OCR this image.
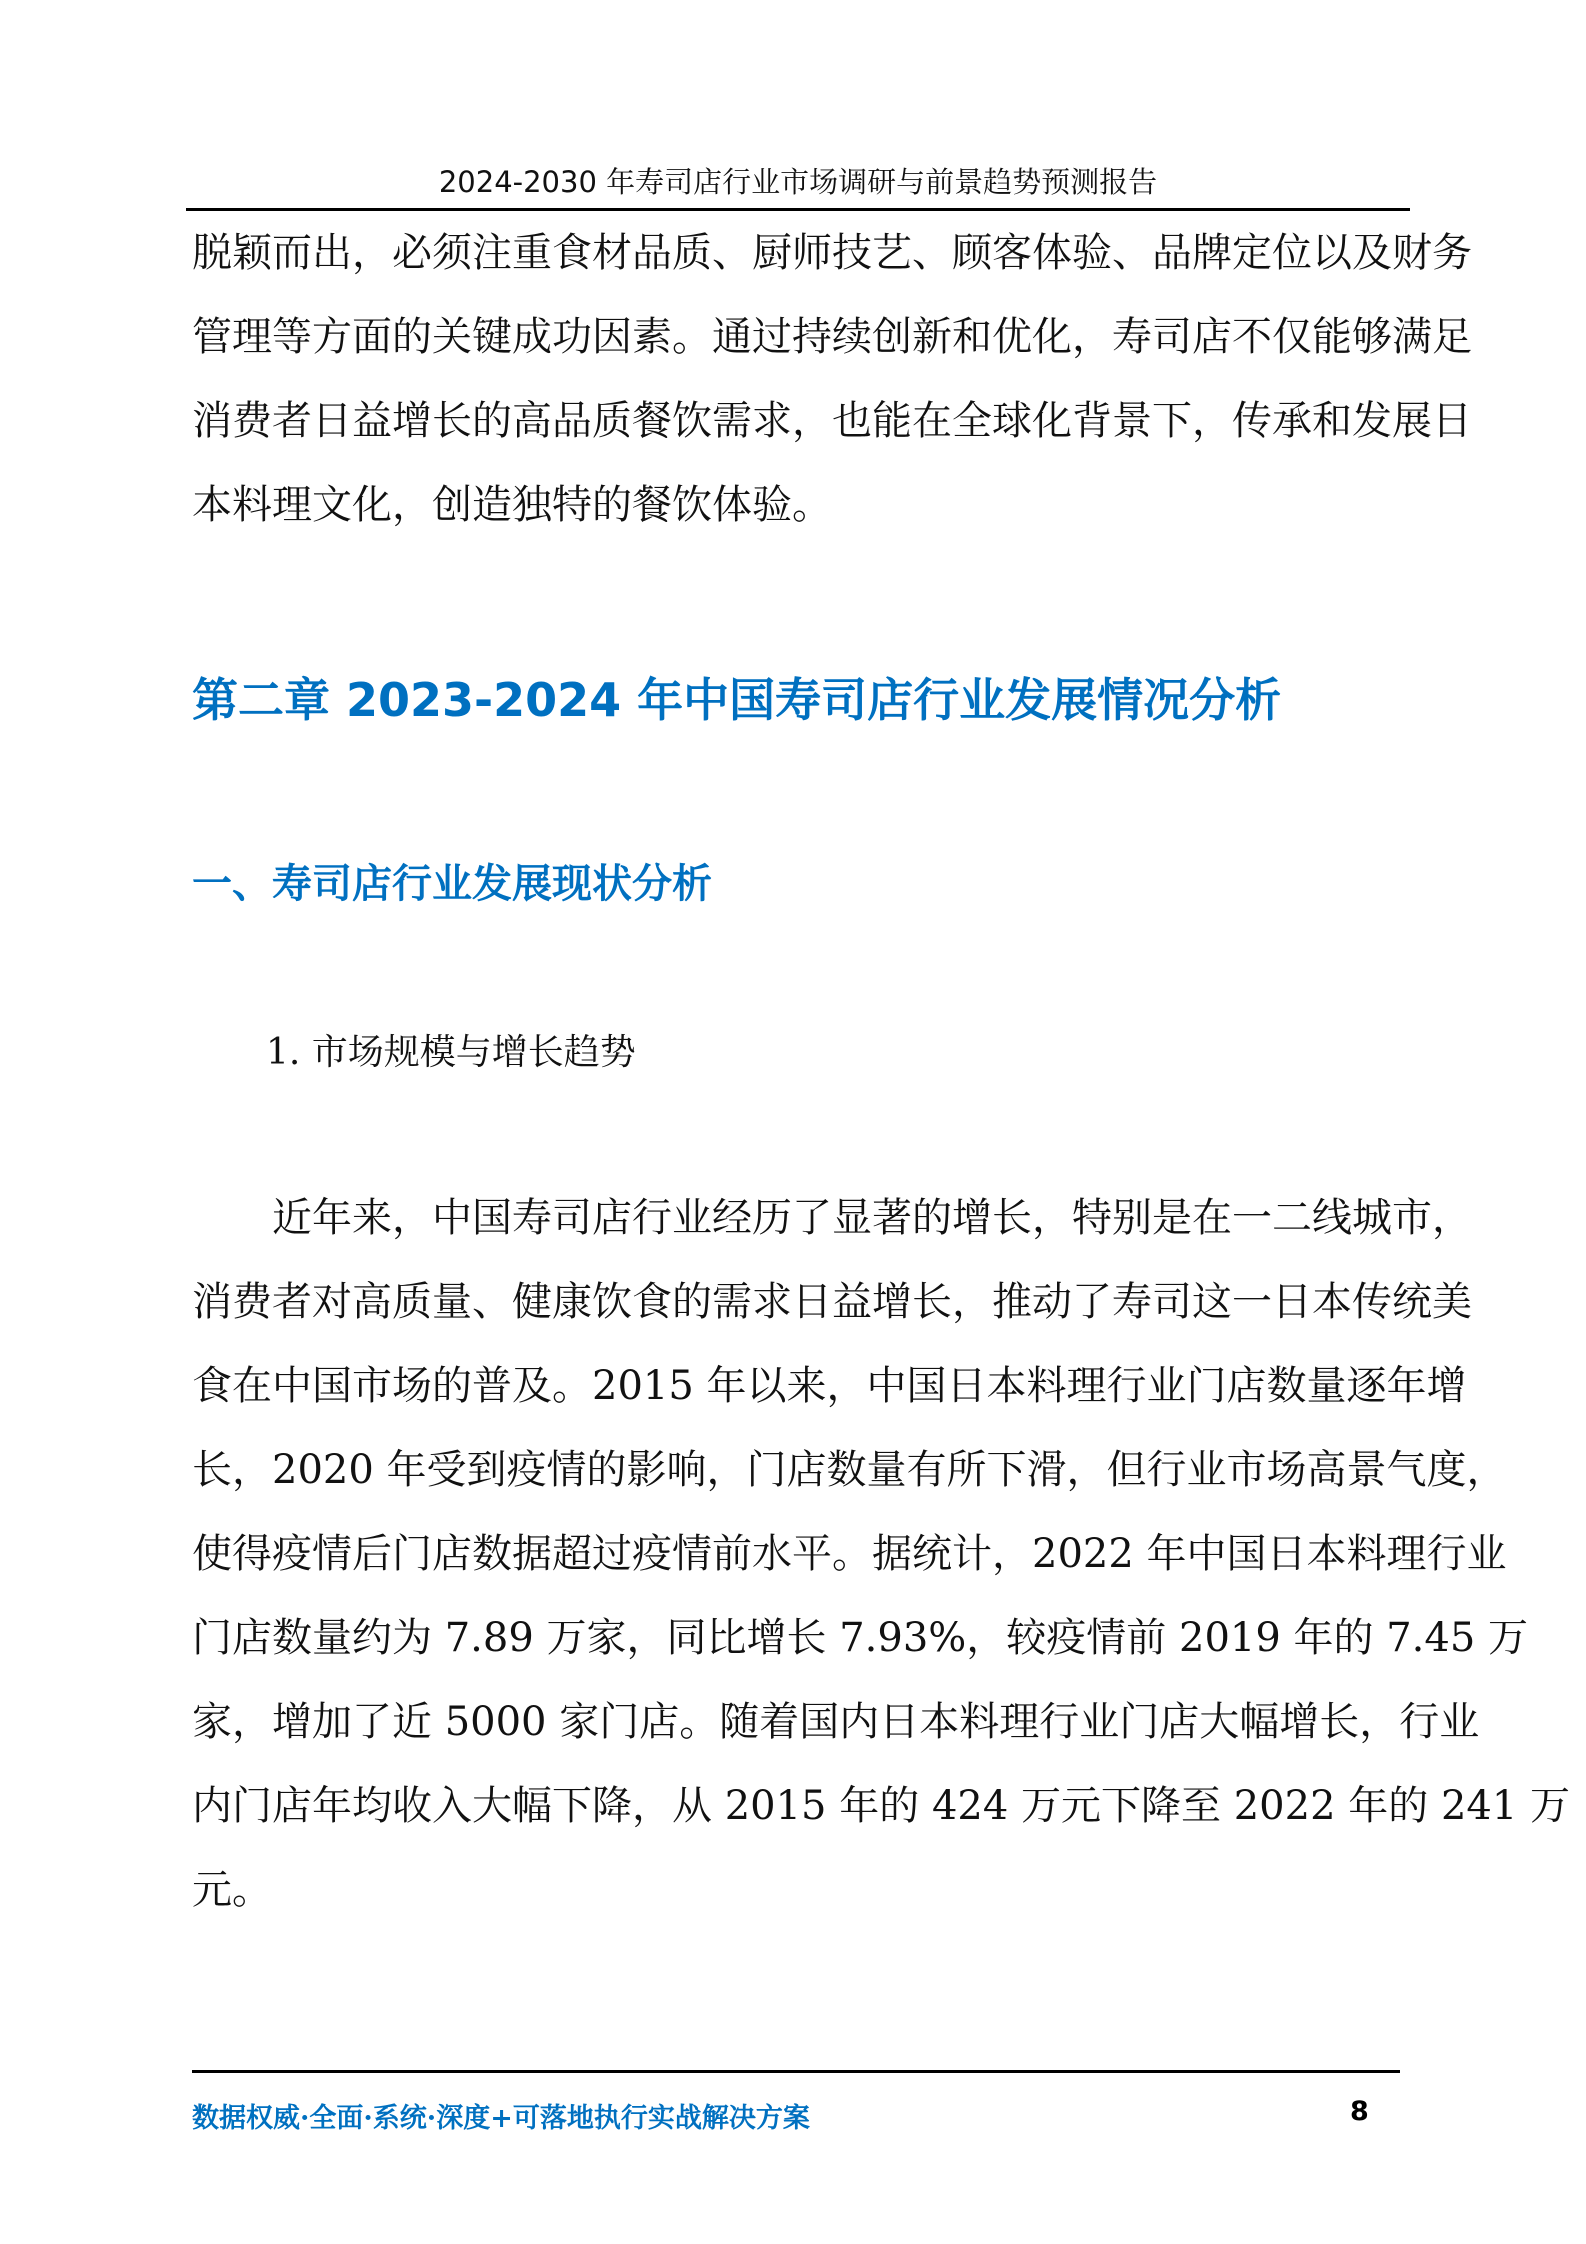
2024-2030 年寿司店行业市场调研与前景趋势预测报告
脱颖而出，必须注重食材品质、厨师技艺、顾客体验、品牌定位以及财务
管理等方面的关键成功因素。通过持续创新和优化，寿司店不仅能够满足
消费者日益增长的高品质餐饮需求，也能在全球化背景下，传承和发展日
本料理文化，创造独特的餐饮体验。
第二章 2023-2024 年中国寿司店行业发展情况分析
一、寿司店行业发展现状分析
1. 市场规模与增长趋势
　　近年来，中国寿司店行业经历了显著的增长，特别是在一二线城市，
消费者对高质量、健康饮食的需求日益增长，推动了寿司这一日本传统美
食在中国市场的普及。2015 年以来，中国日本料理行业门店数量逐年增
长，2020 年受到疫情的影响，门店数量有所下滑，但行业市场高景气度，
使得疫情后门店数据超过疫情前水平。据统计，2022 年中国日本料理行业
门店数量约为 7.89 万家，同比增长 7.93%，较疫情前 2019 年的 7.45 万
家，增加了近 5000 家门店。随着国内日本料理行业门店大幅增长，行业
内门店年均收入大幅下降，从 2015 年的 424 万元下降至 2022 年的 241 万
元。
数据权威·全面·系统·深度+可落地执行实战解决方案	8
